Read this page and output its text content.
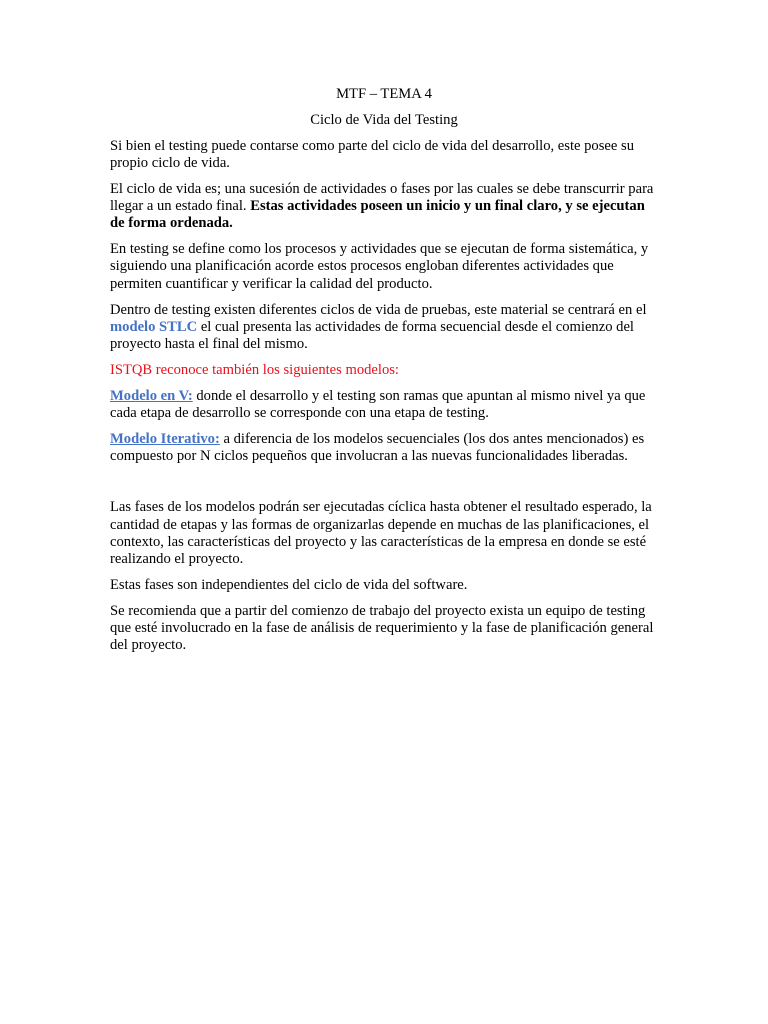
MTF – TEMA 4
Ciclo de Vida del Testing

Si bien el testing puede contarse como parte del ciclo de vida del desarrollo, este posee su propio ciclo de vida.

El ciclo de vida es; una sucesión de actividades o fases por las cuales se debe transcurrir para llegar a un estado final. Estas actividades poseen un inicio y un final claro, y se ejecutan de forma ordenada.

En testing se define como los procesos y actividades que se ejecutan de forma sistemática, y siguiendo una planificación acorde estos procesos engloban diferentes actividades que permiten cuantificar y verificar la calidad del producto.

Dentro de testing existen diferentes ciclos de vida de pruebas, este material se centrará en el modelo STLC el cual presenta las actividades de forma secuencial desde el comienzo del proyecto hasta el final del mismo.

ISTQB reconoce también los siguientes modelos:

Modelo en V: donde el desarrollo y el testing son ramas que apuntan al mismo nivel ya que cada etapa de desarrollo se corresponde con una etapa de testing.

Modelo Iterativo: a diferencia de los modelos secuenciales (los dos antes mencionados) es compuesto por N ciclos pequeños que involucran a las nuevas funcionalidades liberadas.

Las fases de los modelos podrán ser ejecutadas cíclica hasta obtener el resultado esperado, la cantidad de etapas y las formas de organizarlas depende en muchas de las planificaciones, el contexto, las características del proyecto y las características de la empresa en donde se esté realizando el proyecto.

Estas fases son independientes del ciclo de vida del software.

Se recomienda que a partir del comienzo de trabajo del proyecto exista un equipo de testing que esté involucrado en la fase de análisis de requerimiento y la fase de planificación general del proyecto.
